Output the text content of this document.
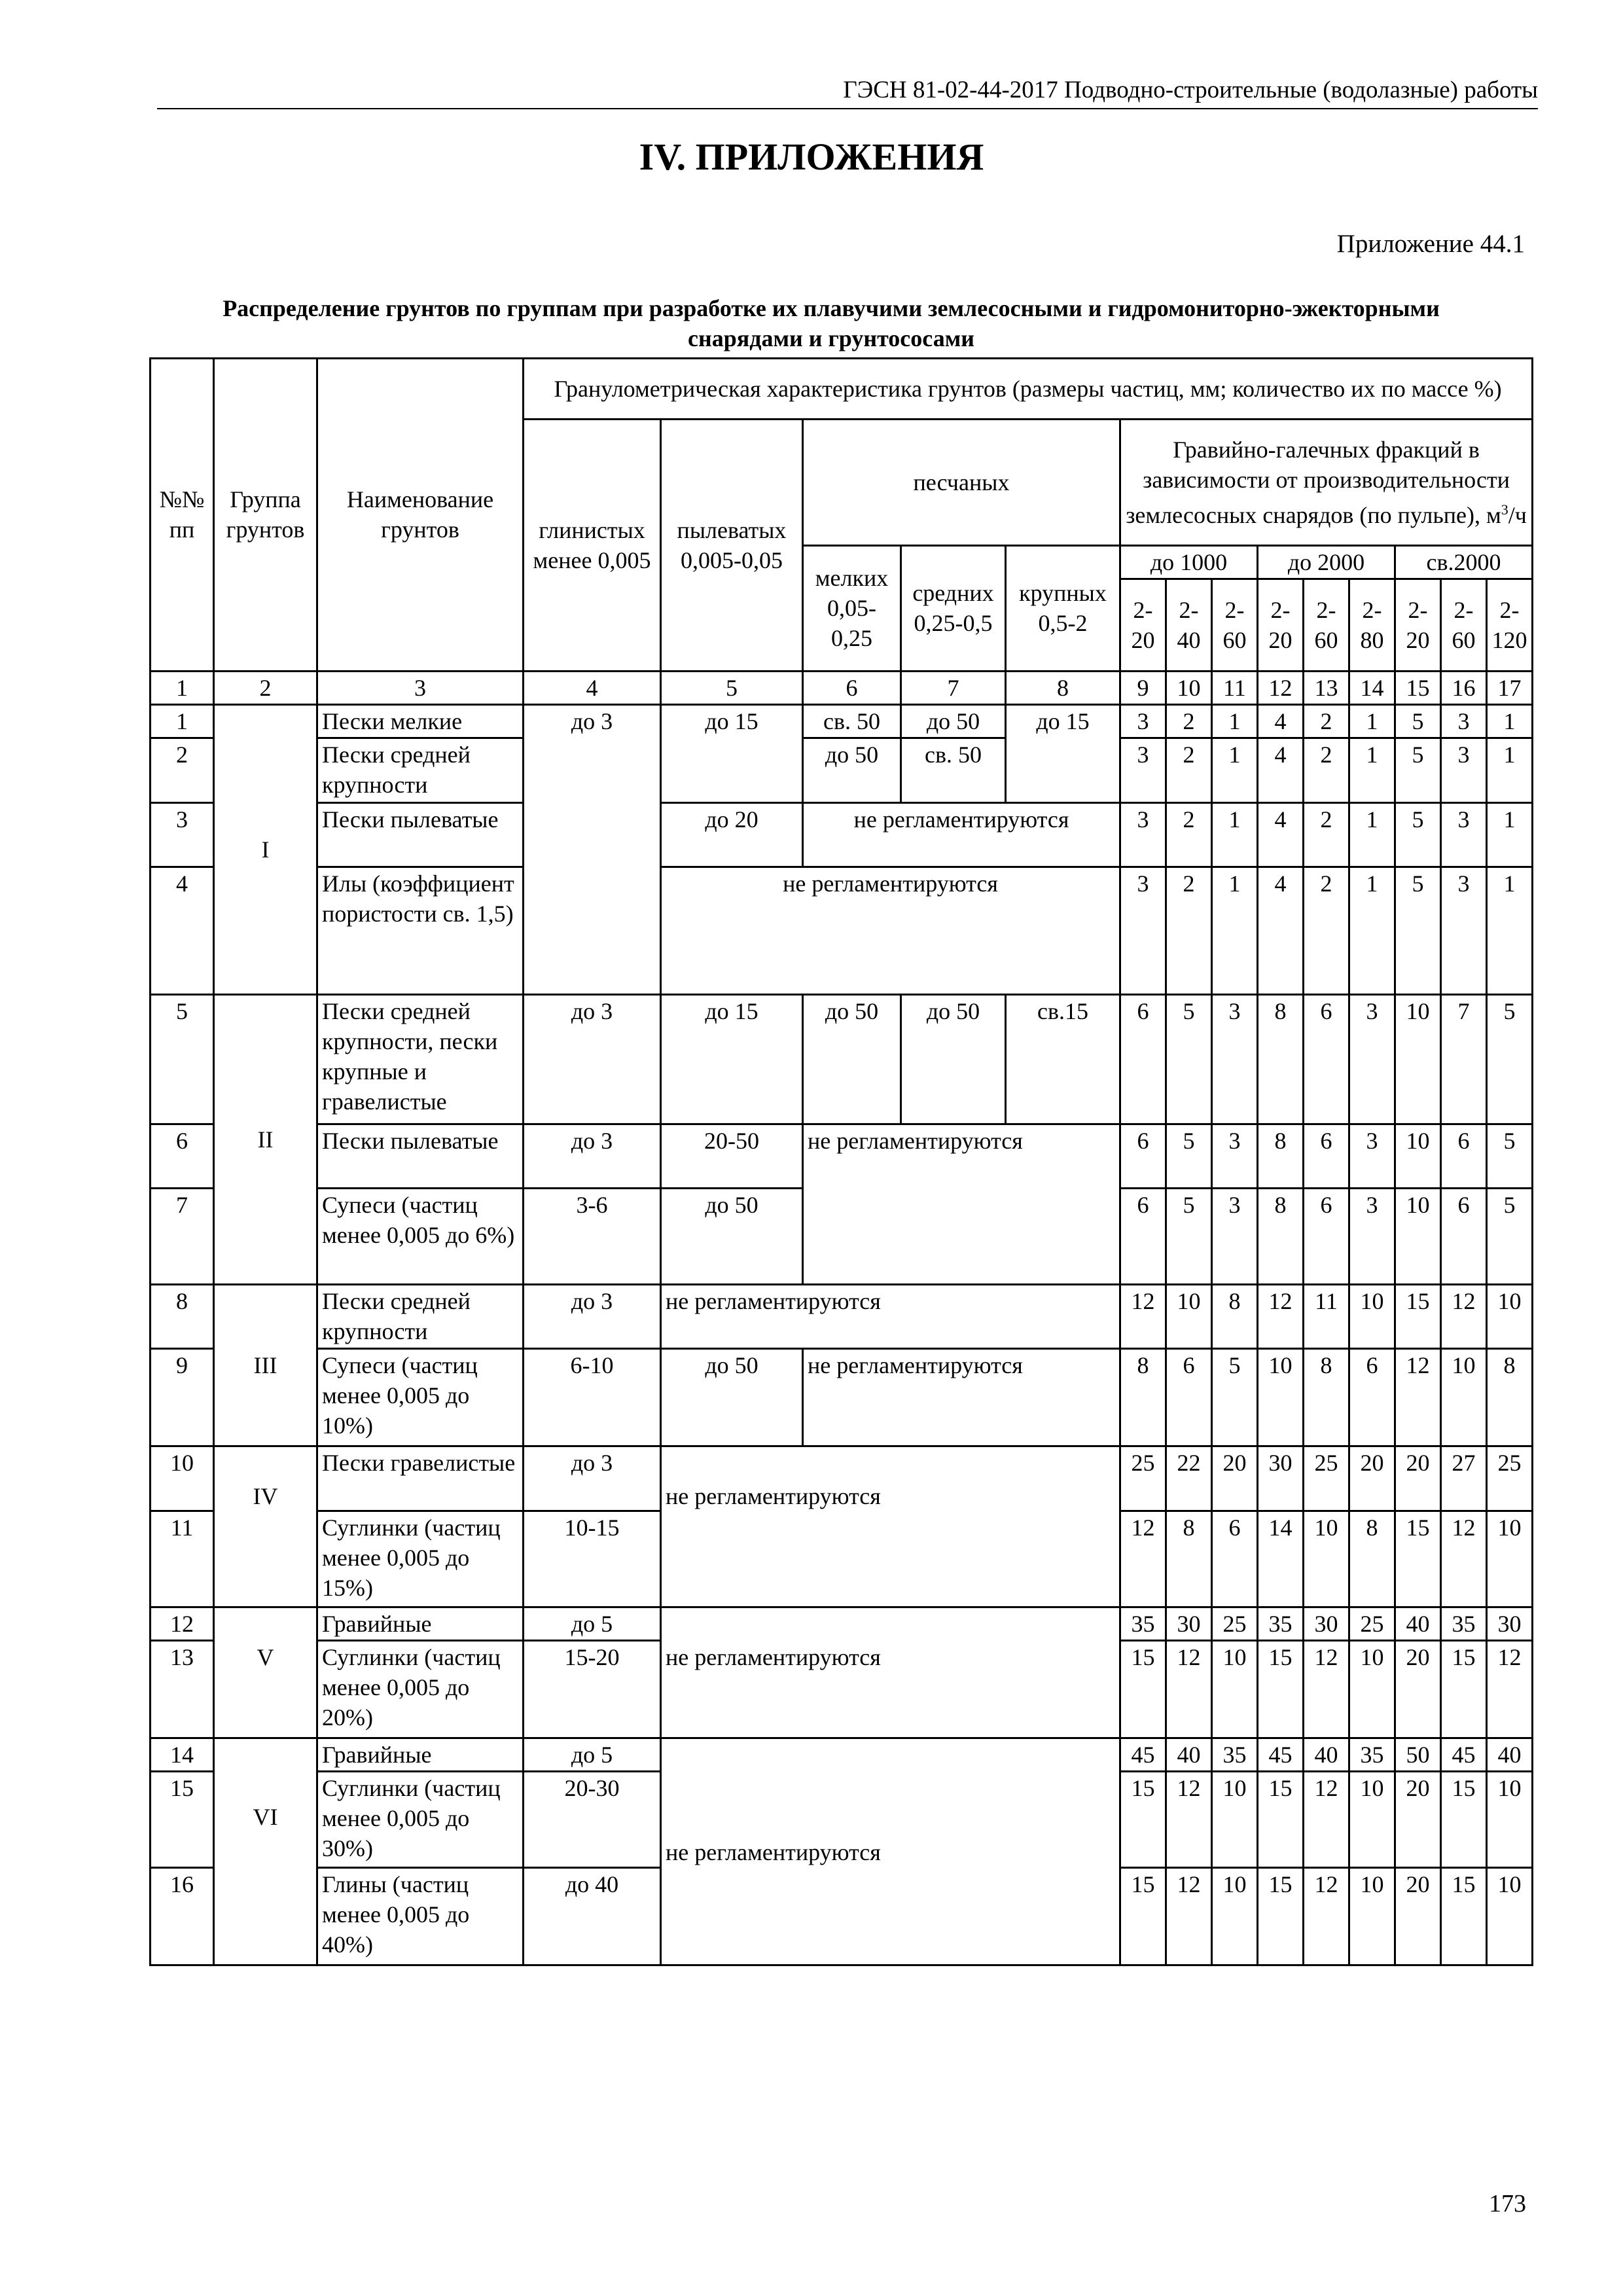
ГЭСН 81-02-44-2017 Подводно-строительные (водолазные) работы
IV. ПРИЛОЖЕНИЯ
Приложение 44.1
Распределение грунтов по группам при разработке их плавучими землесосными и гидромониторно-эжекторными снарядами и грунтососами
№№ пп	Группа грунтов	Наименование грунтов	Гранулометрическая характеристика грунтов (размеры частиц, мм; количество их по массе %)													
			глинистых менее 0,005	пылеватых 0,005-0,05	песчаных			Гравийно-галечных фракций в зависимости от производительности землесосных снарядов (по пульпе), $м^3/ч$								

					мелких 0,05-0,25	средних 0,25-0,5	крупных 0,5-2	до 1000			до 2000			св.2000		
								2-20	2-40	2-60	2-20	2-60	2-80	2-20	2-60	2-120
1	2	3	4	5	6	7	8	9	10	11	12	13	14	15	16	17
1	I	Пески мелкие	до 3	до 15	св. 50	до 50	до 15	3	2	1	4	2	1	5	3	1
2		Пески средней крупности			до 50	св. 50		3	2	1	4	2	1	5	3	1
3		Пески пылеватые		до 20	не регламентируются			3	2	1	4	2	1	5	3	1
4		Илы (коэффициент пористости св. 1,5)		не регламентируются				3	2	1	4	2	1	5	3	1
5	II	Пески средней крупности, пески крупные и гравелистые	до 3	до 15	до 50	до 50	св.15	6	5	3	8	6	3	10	7	5
6		Пески пылеватые	до 3	20-50	не регламентируются			6	5	3	8	6	3	10	6	5
7		Супеси (частиц менее 0,005 до 6%)	3-6	до 50				6	5	3	8	6	3	10	6	5
8	III	Пески средней крупности	до 3	не регламентируются				12	10	8	12	11	10	15	12	10
9		Супеси (частиц менее 0,005 до 10%)	6-10	до 50	не регламентируются			8	6	5	10	8	6	12	10	8
10	IV	Пески гравелистые	до 3	не регламентируются				25	22	20	30	25	20	20	27	25
11		Суглинки (частиц менее 0,005 до 15%)	10-15					12	8	6	14	10	8	15	12	10
12	V	Гравийные	до 5	не регламентируются				35	30	25	35	30	25	40	35	30
13		Суглинки (частиц менее 0,005 до 20%)	15-20					15	12	10	15	12	10	20	15	12
14	VI	Гравийные	до 5	не регламентируются				45	40	35	45	40	35	50	45	40
15		Суглинки (частиц менее 0,005 до 30%)	20-30					15	12	10	15	12	10	20	15	10
16		Глины (частиц менее 0,005 до 40%)	до 40					15	12	10	15	12	10	20	15	10
173
